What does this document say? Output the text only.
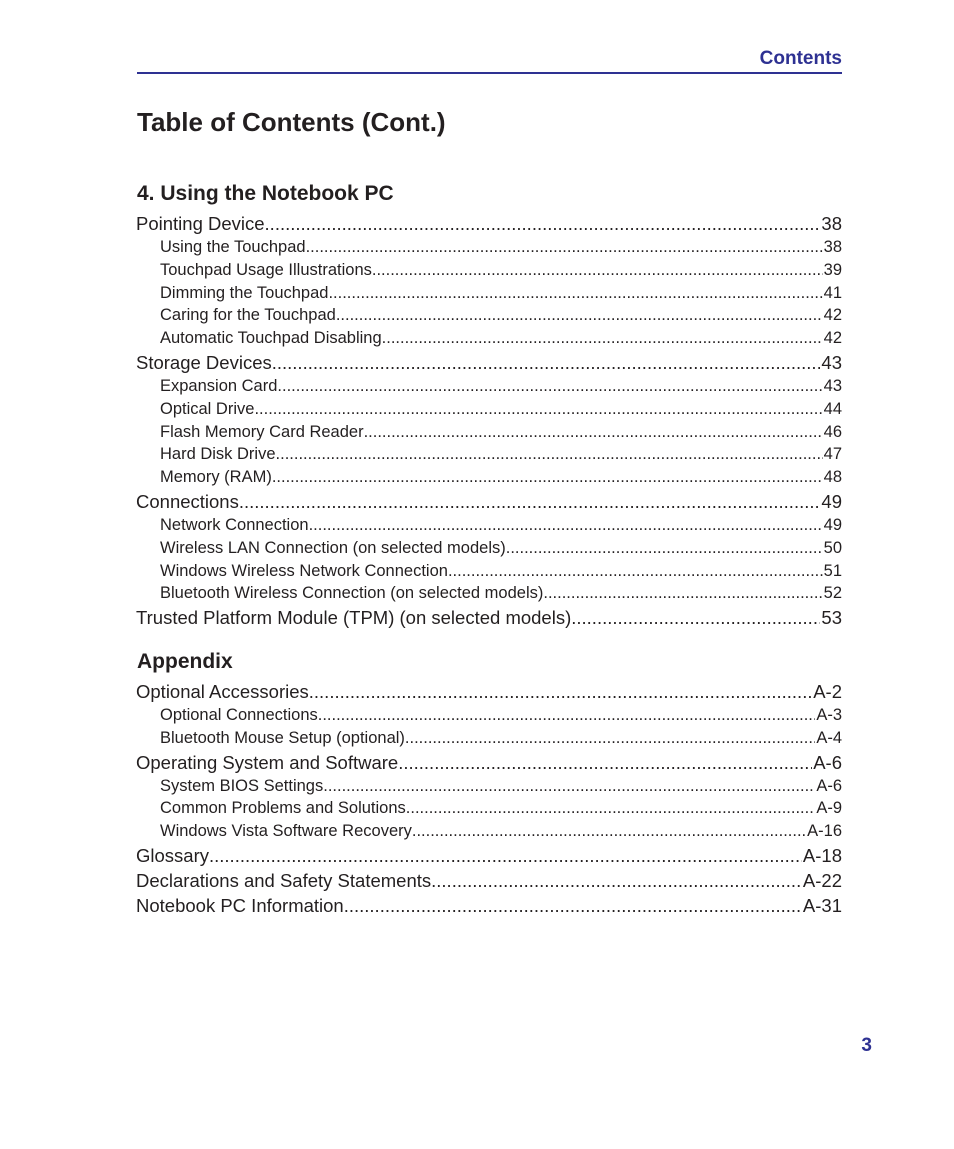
Contents
Table of Contents (Cont.)
4. Using the Notebook PC
Pointing Device .....	38
Using the Touchpad .....	38
Touchpad Usage Illustrations .....	39
Dimming the Touchpad .....	41
Caring for the Touchpad .....	42
Automatic Touchpad Disabling .....	42
Storage Devices .....	43
Expansion Card .....	43
Optical Drive .....	44
Flash Memory Card Reader .....	46
Hard Disk Drive .....	47
Memory (RAM) .....	48
Connections .....	49
Network Connection .....	49
Wireless LAN Connection (on selected models) .....	50
Windows Wireless Network Connection .....	51
Bluetooth Wireless Connection (on selected models) .....	52
Trusted Platform Module (TPM) (on selected models) .....	53
Appendix
Optional Accessories .....	A-2
Optional Connections .....	A-3
Bluetooth Mouse Setup (optional) .....	A-4
Operating System and Software .....	A-6
System BIOS Settings .....	A-6
Common Problems and Solutions .....	A-9
Windows Vista Software Recovery .....	A-16
Glossary .....	A-18
Declarations and Safety Statements .....	A-22
Notebook PC Information .....	A-31
3
